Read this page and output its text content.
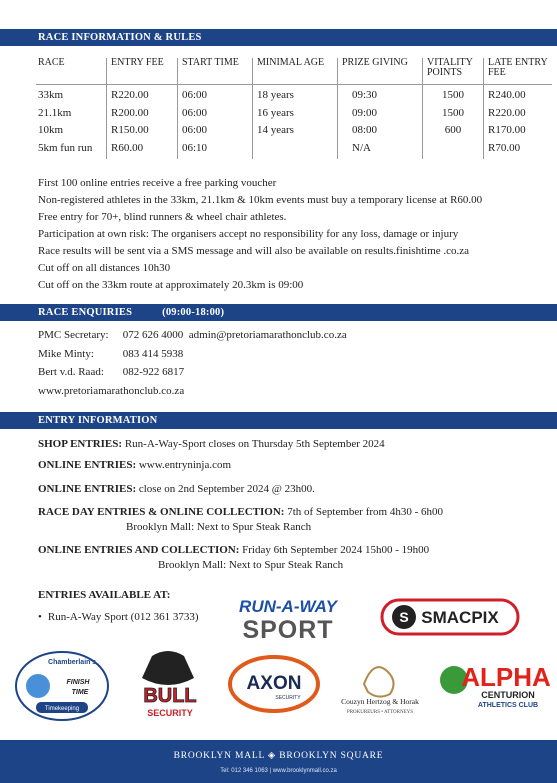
RACE INFORMATION & RULES
RACE	ENTRY FEE	START TIME	MINIMAL AGE	PRIZE GIVING	VITALITY POINTS	LATE ENTRY FEE

33km	R220.00	06:00	18 years	09:30	1500	R240.00
21.1km	R200.00	06:00	16 years	09:00	1500	R220.00
10km	R150.00	06:00	14 years	08:00	600	R170.00
5km fun run	R60.00	06:10		N/A		R70.00
First 100 online entries receive a free parking voucher
Non-registered athletes in the 33km, 21.1km & 10km events must buy a temporary license at R60.00
Free entry for 70+, blind runners & wheel chair athletes.
Participation at own risk: The organisers accept no responsibility for any loss, damage or injury
Race results will be sent via a SMS message and will also be available on results.finishtime .co.za
Cut off on all distances 10h30
Cut off on the 33km route at approximately 20.3km is 09:00
RACE ENQUIRIES	(09:00-18:00)
PMC Secretary: 072 626 4000 admin@pretoriamarathonclub.co.za
Mike Minty:	083 414 5938
Bert v.d. Raad: 082-922 6817
www.pretoriamarathonclub.co.za
ENTRY INFORMATION
SHOP ENTRIES: Run-A-Way-Sport closes on Thursday 5th September 2024
ONLINE ENTRIES: www.entryninja.com
ONLINE ENTRIES: close on 2nd September 2024 @ 23h00.
RACE DAY ENTRIES & ONLINE COLLECTION: 7th of September from 4h30 - 6h00
Brooklyn Mall: Next to Spur Steak Ranch
ONLINE ENTRIES AND COLLECTION: Friday 6th September 2024 15h00 - 19h00
Brooklyn Mall: Next to Spur Steak Ranch
ENTRIES AVAILABLE AT:
• Run-A-Way Sport (012 361 3733)
RUN-A-WAY
SPORT	S SMACPIX
Chamberlain's
FINISH
TIME
Timekeeping
BULL
SECURITY
AXON
SECURITY	Couzyn Hertzog & Horak
PROKUREURS • ATTORNEYS
ALPHA
CENTURION
ATHLETICS CLUB
BROOKLYN MALL ◈ BROOKLYN SQUARE
Tel: 012 346 1063 | www.brooklynmall.co.za
